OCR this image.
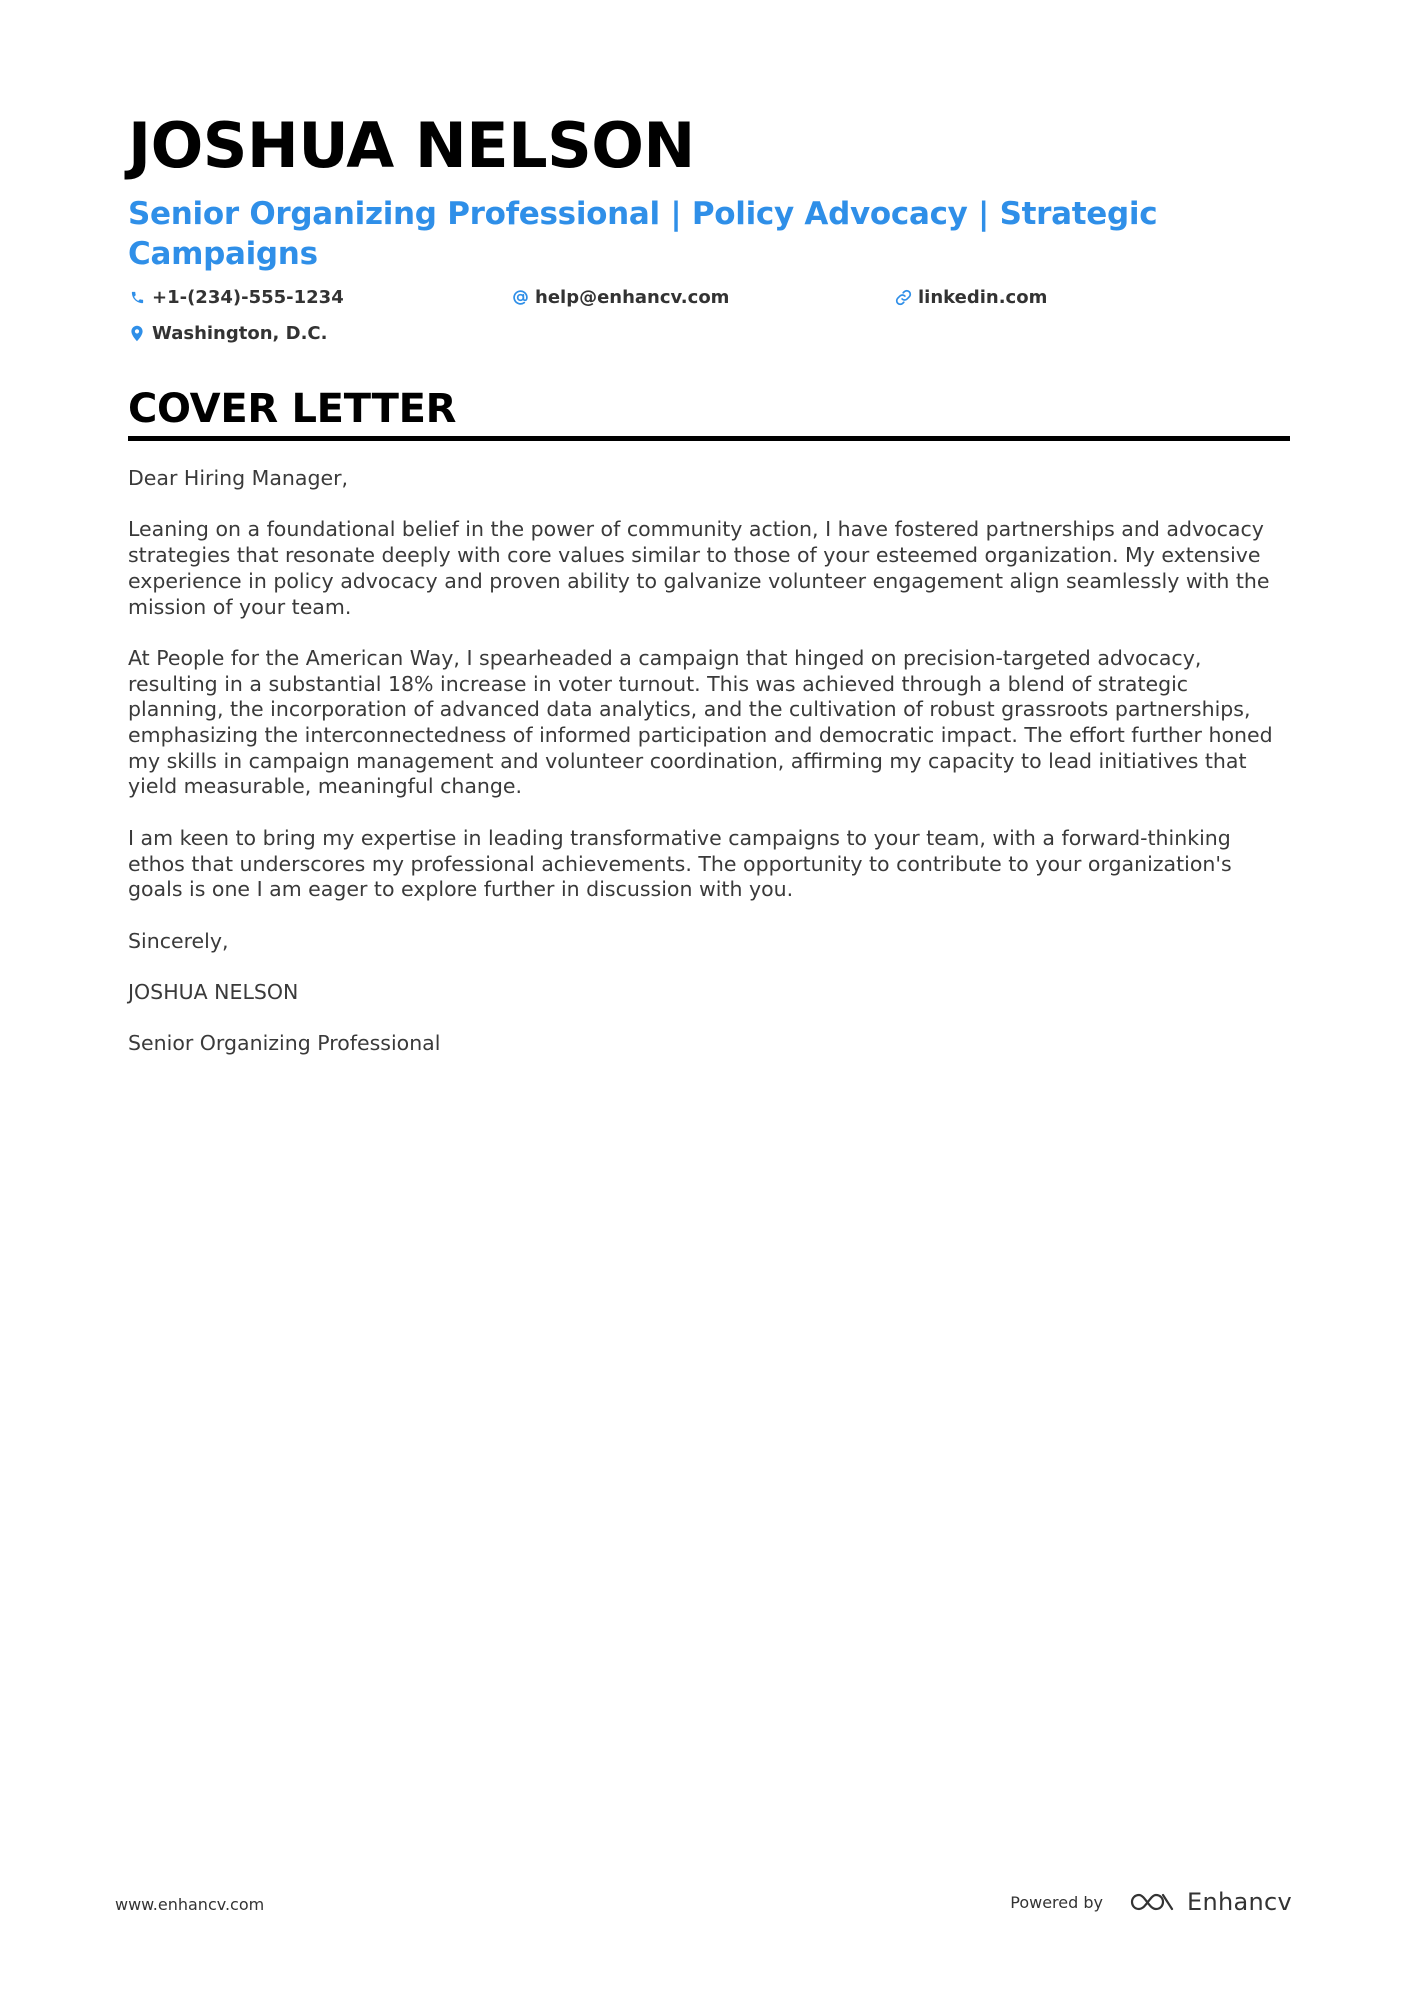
JOSHUA NELSON
Senior Organizing Professional | Policy Advocacy | Strategic Campaigns
+1-(234)-555-1234	help@enhancv.com	linkedin.com
Washington, D.C.
COVER LETTER

Dear Hiring Manager,

Leaning on a foundational belief in the power of community action, I have fostered partnerships and advocacy strategies that resonate deeply with core values similar to those of your esteemed organization. My extensive experience in policy advocacy and proven ability to galvanize volunteer engagement align seamlessly with the mission of your team.

At People for the American Way, I spearheaded a campaign that hinged on precision-targeted advocacy, resulting in a substantial 18% increase in voter turnout. This was achieved through a blend of strategic planning, the incorporation of advanced data analytics, and the cultivation of robust grassroots partnerships, emphasizing the interconnectedness of informed participation and democratic impact. The effort further honed my skills in campaign management and volunteer coordination, affirming my capacity to lead initiatives that yield measurable, meaningful change.

I am keen to bring my expertise in leading transformative campaigns to your team, with a forward-thinking ethos that underscores my professional achievements. The opportunity to contribute to your organization's goals is one I am eager to explore further in discussion with you.

Sincerely,

JOSHUA NELSON

Senior Organizing Professional

www.enhancv.com	Powered by	Enhancv
